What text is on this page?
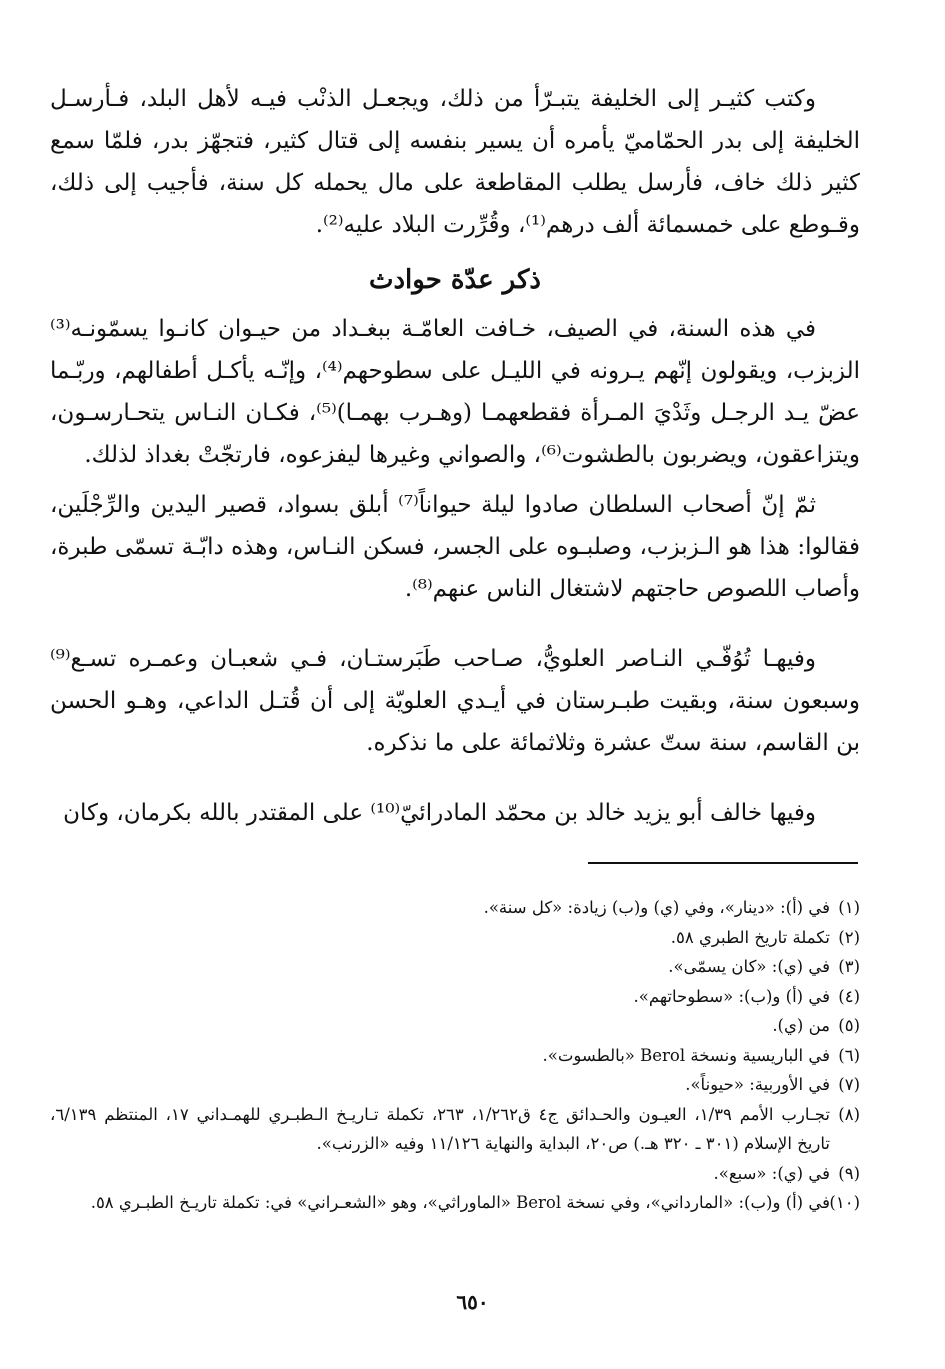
وكتب كثيـر إلى الخليفة يتبـرّأ من ذلك، ويجعـل الذنْب فيـه لأهل البلد، فـأرسـل الخليفة إلى بدر الحمّاميّ يأمره أن يسير بنفسه إلى قتال كثير، فتجهّز بدر، فلمّا سمع كثير ذلك خاف، فأرسل يطلب المقاطعة على مال يحمله كل سنة، فأجيب إلى ذلك، وقـوطع على خمسمائة ألف درهم⁽¹⁾، وقُرِّرت البلاد عليه⁽²⁾.

ذكر عدّة حوادث

في هذه السنة، في الصيف، خـافت العامّـة ببغـداد من حيـوان كانـوا يسمّونـه⁽³⁾ الزبزب، ويقولون إنّهم يـرونه في الليـل على سطوحهم⁽⁴⁾، وإنّـه يأكـل أطفالهم، وربّـما عضّ يـد الرجـل وثَدْيَ المـرأة فقطعهمـا (وهـرب بهمـا)⁽⁵⁾، فكـان النـاس يتحـارسـون، ويتزاعقون، ويضربون بالطشوت⁽⁶⁾، والصواني وغيرها ليفزعوه، فارتجّتْ بغداذ لذلك.

ثمّ إنّ أصحاب السلطان صادوا ليلة حيواناً⁽⁷⁾ أبلق بسواد، قصير اليدين والرِّجْلَين، فقالوا: هذا هو الـزبزب، وصلبـوه على الجسر، فسكن النـاس، وهذه دابّـة تسمّى طبرة، وأصاب اللصوص حاجتهم لاشتغال الناس عنهم⁽⁸⁾.

وفيهـا تُوُفّـي النـاصر العلويُّ، صـاحب طَبَرستـان، فـي شعبـان وعمـره تسـع⁽⁹⁾ وسبعون سنة، وبقيت طبـرستان في أيـدي العلويّة إلى أن قُتـل الداعي، وهـو الحسن بن القاسم، سنة ستّ عشرة وثلاثمائة على ما نذكره.

وفيها خالف أبو يزيد خالد بن محمّد المادرائيّ⁽¹⁰⁾ على المقتدر بالله بكرمان، وكان

(١)
في (أ): «دينار»، وفي (ي) و(ب) زيادة: «كل سنة».
(٢)
تكملة تاريخ الطبري ٥٨.
(٣)
في (ي): «كان يسمّى».
(٤)
في (أ) و(ب): «سطوحاتهم».
(٥)
من (ي).
(٦)
في الباريسية ونسخة Berol «بالطسوت».
(٧)
في الأوربية: «حيوناً».
(٨)
تجـارب الأمم ١/٣٩، العيـون والحـدائق ج٤ ق١/٢٦٢، ٢٦٣، تكملة تـاريـخ الـطبـري للهمـداني ١٧، المنتظم ٦/١٣٩، تاريخ الإسلام (٣٠١ ـ ٣٢٠ هـ.) ص٢٠، البداية والنهاية ١١/١٢٦ وفيه «الزرنب».
(٩)
في (ي): «سبع».
(١٠)
في (أ) و(ب): «المارداني»، وفي نسخة Berol «الماوراثي»، وهو «الشعـراني» في: تكملة تاريـخ الطبـري ٥٨.
٦٥٠
